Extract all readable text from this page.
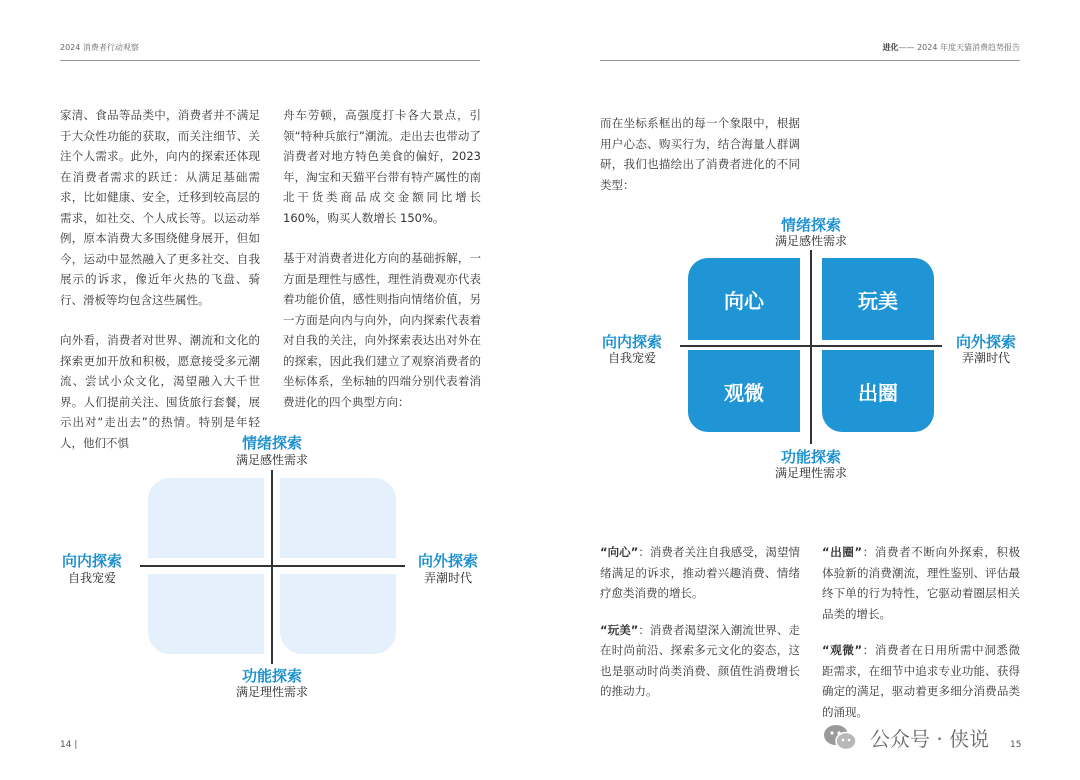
2024 消费者行动观察

家清、食品等品类中，消费者并不满足于大众性功能的获取，而关注细节、关注个人需求。此外，向内的探索还体现在消费者需求的跃迁：从满足基础需求，比如健康、安全，迁移到较高层的需求，如社交、个人成长等。以运动举例，原本消费大多围绕健身展开，但如今，运动中显然融入了更多社交、自我展示的诉求，像近年火热的飞盘、骑行、滑板等均包含这些属性。

向外看，消费者对世界、潮流和文化的探索更加开放和积极，愿意接受多元潮流、尝试小众文化，渴望融入大千世界。人们提前关注、囤货旅行套餐，展示出对“走出去”的热情。特别是年轻人，他们不惧

舟车劳顿，高强度打卡各大景点，引领“特种兵旅行”潮流。走出去也带动了消费者对地方特色美食的偏好，2023 年，淘宝和天猫平台带有特产属性的南北干货类商品成交金额同比增长 160%，购买人数增长 150%。

基于对消费者进化方向的基础拆解，一方面是理性与感性，理性消费观亦代表着功能价值，感性则指向情绪价值，另一方面是向内与向外，向内探索代表着对自我的关注，向外探索表达出对外在的探索，因此我们建立了观察消费者的坐标体系，坐标轴的四端分别代表着消费进化的四个典型方向：

情绪探索
满足感性需求
功能探索
满足理性需求
向内探索
自我宠爱
向外探索
弄潮时代
14 |
进化—— 2024 年度天猫消费趋势报告

而在坐标系框出的每一个象限中，根据用户心态、购买行为，结合海量人群调研，我们也描绘出了消费者进化的不同类型：

向心	玩美
观微	出圈
情绪探索
满足感性需求
功能探索
满足理性需求
向内探索
自我宠爱
向外探索
弄潮时代

“向心”：消费者关注自我感受，渴望情绪满足的诉求，推动着兴趣消费、情绪疗愈类消费的增长。

“玩美”：消费者渴望深入潮流世界、走在时尚前沿、探索多元文化的姿态，这也是驱动时尚类消费、颜值性消费增长的推动力。

“出圈”：消费者不断向外探索，积极体验新的消费潮流，理性鉴别、评估最终下单的行为特性，它驱动着圈层相关品类的增长。

“观微”：消费者在日用所需中洞悉微距需求，在细节中追求专业功能、获得确定的满足，驱动着更多细分消费品类的涌现。

公众号 · 侠说 15
